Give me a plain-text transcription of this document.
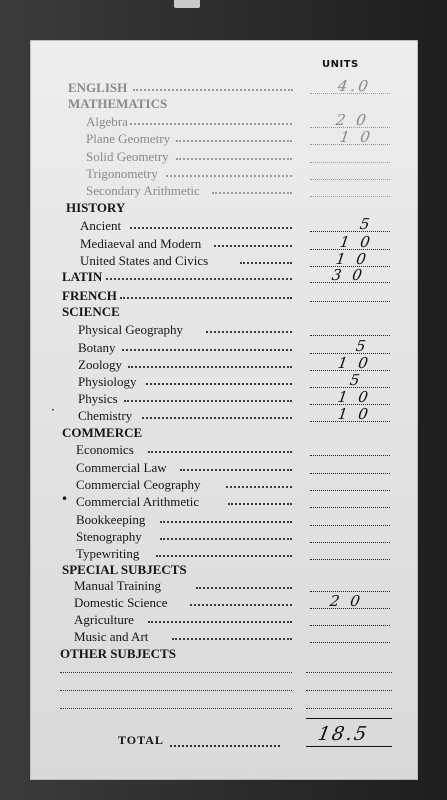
UNITS
ENGLISH	4.0
MATHEMATICS
Algebra	2 0
Plane Geometry	1 0
Solid Geometry
Trigonometry
Secondary Arithmetic
HISTORY
Ancient	5
Mediaeval and Modern	1 0
United States and Civics	1 0
LATIN	3 0
FRENCH
SCIENCE
Physical Geography
Botany	5
Zoology	1 0
Physiology	5
Physics	1 0
Chemistry	1 0
·
COMMERCE
Economics
Commercial Law
Commercial Ceography
• Commercial Arithmetic
Bookkeeping
Stenography
Typewriting
SPECIAL SUBJECTS
Manual Training
Domestic Science	2 0
Agriculture
Music and Art
OTHER SUBJECTS
TOTAL	18.5
